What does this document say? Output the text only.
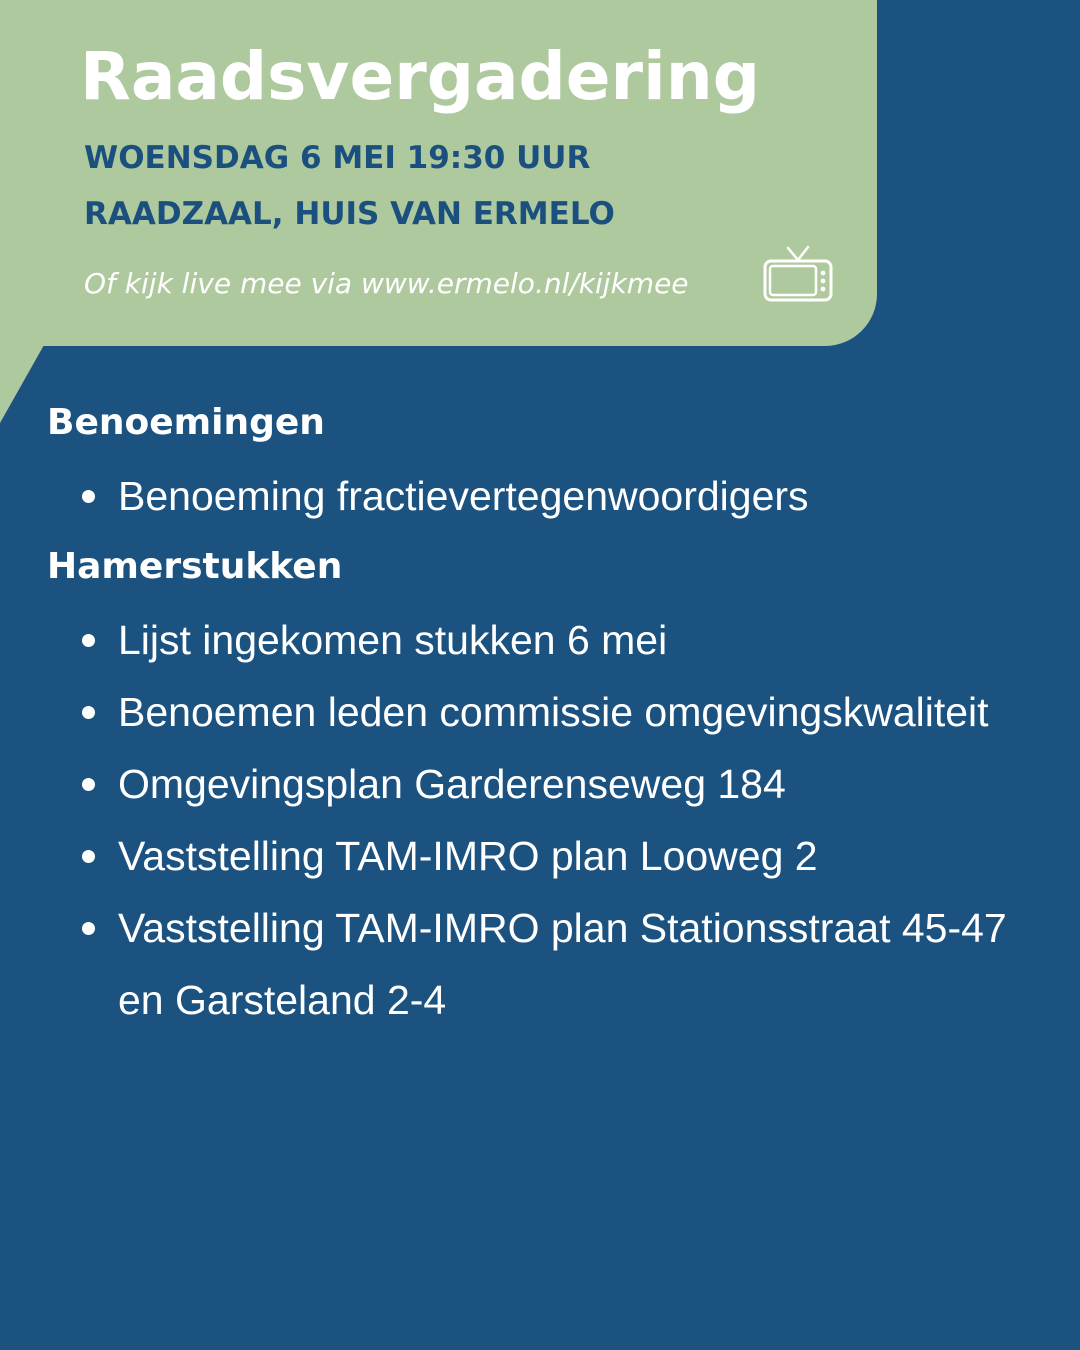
Raadsvergadering
WOENSDAG 6 MEI 19:30 UUR
RAADZAAL, HUIS VAN ERMELO
Of kijk live mee via www.ermelo.nl/kijkmee
Benoemingen
Benoeming fractievertegenwoordigers
Hamerstukken
Lijst ingekomen stukken 6 mei
Benoemen leden commissie omgevingskwaliteit
Omgevingsplan Garderenseweg 184
Vaststelling TAM-IMRO plan Looweg 2
Vaststelling TAM-IMRO plan Stationsstraat 45-47 en Garsteland 2-4
